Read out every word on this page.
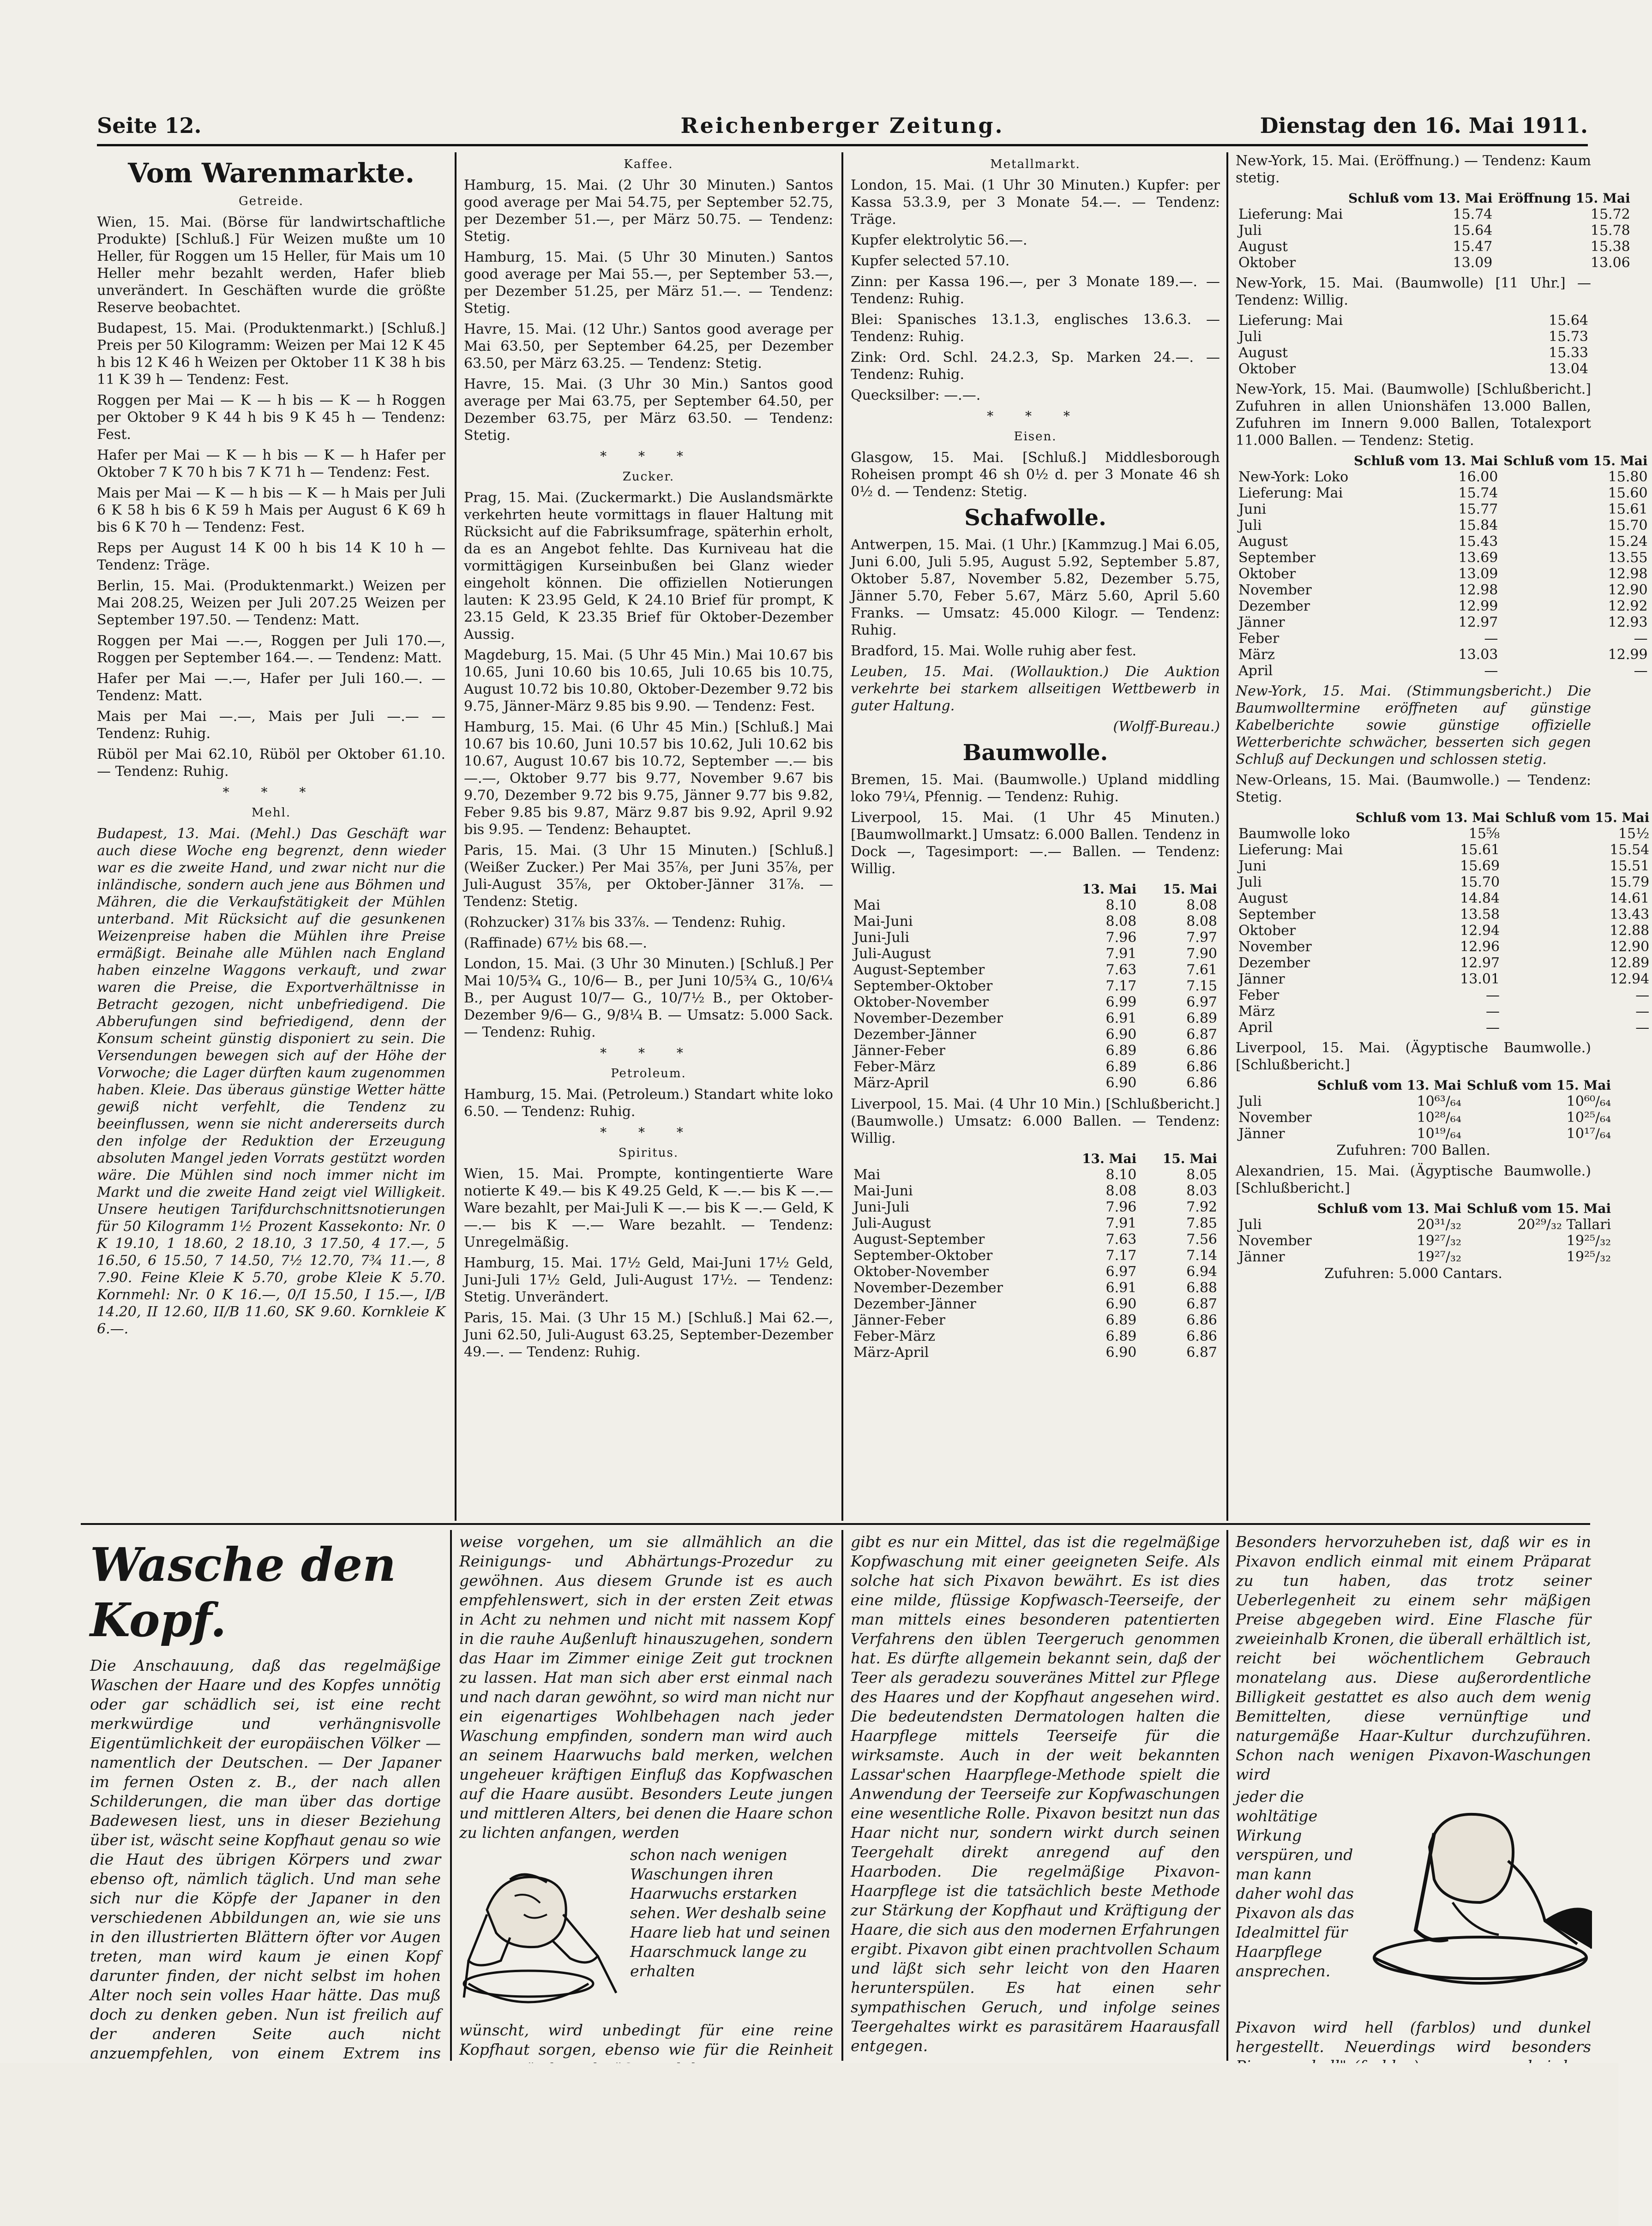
Seite 12.	Reichenberger Zeitung.	Dienstag den 16. Mai 1911.
Vom Warenmarkte.
Getreide.

Wien, 15. Mai. (Börse für landwirtschaftliche Produkte) [Schluß.] Für Weizen mußte um 10 Heller, für Roggen um 15 Heller, für Mais um 10 Heller mehr bezahlt werden, Hafer blieb unverändert. In Geschäften wurde die größte Reserve beobachtet.

Budapest, 15. Mai. (Produktenmarkt.) [Schluß.] Preis per 50 Kilogramm: Weizen per Mai 12 K 45 h bis 12 K 46 h Weizen per Oktober 11 K 38 h bis 11 K 39 h — Tendenz: Fest.

Roggen per Mai — K — h bis — K — h Roggen per Oktober 9 K 44 h bis 9 K 45 h — Tendenz: Fest.

Hafer per Mai — K — h bis — K — h Hafer per Oktober 7 K 70 h bis 7 K 71 h — Tendenz: Fest.

Mais per Mai — K — h bis — K — h Mais per Juli 6 K 58 h bis 6 K 59 h Mais per August 6 K 69 h bis 6 K 70 h — Tendenz: Fest.

Reps per August 14 K 00 h bis 14 K 10 h — Tendenz: Träge.

Berlin, 15. Mai. (Produktenmarkt.) Weizen per Mai 208.25, Weizen per Juli 207.25 Weizen per September 197.50. — Tendenz: Matt.

Roggen per Mai —.—, Roggen per Juli 170.—, Roggen per September 164.—. — Tendenz: Matt.

Hafer per Mai —.—, Hafer per Juli 160.—. — Tendenz: Matt.

Mais per Mai —.—, Mais per Juli —.— — Tendenz: Ruhig.

Rüböl per Mai 62.10, Rüböl per Oktober 61.10. — Tendenz: Ruhig.

* * *
Mehl.

Budapest, 13. Mai. (Mehl.) Das Geschäft war auch diese Woche eng begrenzt, denn wieder war es die zweite Hand, und zwar nicht nur die inländische, sondern auch jene aus Böhmen und Mähren, die die Verkaufstätigkeit der Mühlen unterband. Mit Rücksicht auf die gesunkenen Weizenpreise haben die Mühlen ihre Preise ermäßigt. Beinahe alle Mühlen nach England haben einzelne Waggons verkauft, und zwar waren die Preise, die Exportverhältnisse in Betracht gezogen, nicht unbefriedigend. Die Abberufungen sind befriedigend, denn der Konsum scheint günstig disponiert zu sein. Die Versendungen bewegen sich auf der Höhe der Vorwoche; die Lager dürften kaum zugenommen haben. Kleie. Das überaus günstige Wetter hätte gewiß nicht verfehlt, die Tendenz zu beeinflussen, wenn sie nicht andererseits durch den infolge der Reduktion der Erzeugung absoluten Mangel jeden Vorrats gestützt worden wäre. Die Mühlen sind noch immer nicht im Markt und die zweite Hand zeigt viel Willigkeit. Unsere heutigen Tarifdurchschnittsnotierungen für 50 Kilogramm 1½ Prozent Kassekonto: Nr. 0 K 19.10, 1 18.60, 2 18.10, 3 17.50, 4 17.—, 5 16.50, 6 15.50, 7 14.50, 7½ 12.70, 7¾ 11.—, 8 7.90. Feine Kleie K 5.70, grobe Kleie K 5.70. Kornmehl: Nr. 0 K 16.—, 0/I 15.50, I 15.—, I/B 14.20, II 12.60, II/B 11.60, SK 9.60. Kornkleie K 6.—.

Kaffee.

Hamburg, 15. Mai. (2 Uhr 30 Minuten.) Santos good average per Mai 54.75, per September 52.75, per Dezember 51.—, per März 50.75. — Tendenz: Stetig.

Hamburg, 15. Mai. (5 Uhr 30 Minuten.) Santos good average per Mai 55.—, per September 53.—, per Dezember 51.25, per März 51.—. — Tendenz: Stetig.

Havre, 15. Mai. (12 Uhr.) Santos good average per Mai 63.50, per September 64.25, per Dezember 63.50, per März 63.25. — Tendenz: Stetig.

Havre, 15. Mai. (3 Uhr 30 Min.) Santos good average per Mai 63.75, per September 64.50, per Dezember 63.75, per März 63.50. — Tendenz: Stetig.

* * *
Zucker.

Prag, 15. Mai. (Zuckermarkt.) Die Auslandsmärkte verkehrten heute vormittags in flauer Haltung mit Rücksicht auf die Fabriksumfrage, späterhin erholt, da es an Angebot fehlte. Das Kurniveau hat die vormittägigen Kurseinbußen bei Glanz wieder eingeholt können. Die offiziellen Notierungen lauten: K 23.95 Geld, K 24.10 Brief für prompt, K 23.15 Geld, K 23.35 Brief für Oktober-Dezember Aussig.

Magdeburg, 15. Mai. (5 Uhr 45 Min.) Mai 10.67 bis 10.65, Juni 10.60 bis 10.65, Juli 10.65 bis 10.75, August 10.72 bis 10.80, Oktober-Dezember 9.72 bis 9.75, Jänner-März 9.85 bis 9.90. — Tendenz: Fest.

Hamburg, 15. Mai. (6 Uhr 45 Min.) [Schluß.] Mai 10.67 bis 10.60, Juni 10.57 bis 10.62, Juli 10.62 bis 10.67, August 10.67 bis 10.72, September —.— bis —.—, Oktober 9.77 bis 9.77, November 9.67 bis 9.70, Dezember 9.72 bis 9.75, Jänner 9.77 bis 9.82, Feber 9.85 bis 9.87, März 9.87 bis 9.92, April 9.92 bis 9.95. — Tendenz: Behauptet.

Paris, 15. Mai. (3 Uhr 15 Minuten.) [Schluß.] (Weißer Zucker.) Per Mai 35⅞, per Juni 35⅞, per Juli-August 35⅞, per Oktober-Jänner 31⅞. — Tendenz: Stetig.

(Rohzucker) 31⅞ bis 33⅞. — Tendenz: Ruhig.

(Raffinade) 67½ bis 68.—.

London, 15. Mai. (3 Uhr 30 Minuten.) [Schluß.] Per Mai 10/5¾ G., 10/6— B., per Juni 10/5¾ G., 10/6¼ B., per August 10/7— G., 10/7½ B., per Oktober-Dezember 9/6— G., 9/8¼ B. — Umsatz: 5.000 Sack. — Tendenz: Ruhig.

* * *
Petroleum.

Hamburg, 15. Mai. (Petroleum.) Standart white loko 6.50. — Tendenz: Ruhig.

* * *
Spiritus.

Wien, 15. Mai. Prompte, kontingentierte Ware notierte K 49.— bis K 49.25 Geld, K —.— bis K —.— Ware bezahlt, per Mai-Juli K —.— bis K —.— Geld, K —.— bis K —.— Ware bezahlt. — Tendenz: Unregelmäßig.

Hamburg, 15. Mai. 17½ Geld, Mai-Juni 17½ Geld, Juni-Juli 17½ Geld, Juli-August 17½. — Tendenz: Stetig. Unverändert.

Paris, 15. Mai. (3 Uhr 15 M.) [Schluß.] Mai 62.—, Juni 62.50, Juli-August 63.25, September-Dezember 49.—. — Tendenz: Ruhig.

Metallmarkt.

London, 15. Mai. (1 Uhr 30 Minuten.) Kupfer: per Kassa 53.3.9, per 3 Monate 54.—. — Tendenz: Träge.

Kupfer elektrolytic 56.—.

Kupfer selected 57.10.

Zinn: per Kassa 196.—, per 3 Monate 189.—. — Tendenz: Ruhig.

Blei: Spanisches 13.1.3, englisches 13.6.3. — Tendenz: Ruhig.

Zink: Ord. Schl. 24.2.3, Sp. Marken 24.—. — Tendenz: Ruhig.

Quecksilber: —.—.

* * *
Eisen.

Glasgow, 15. Mai. [Schluß.] Middlesborough Roheisen prompt 46 sh 0½ d. per 3 Monate 46 sh 0½ d. — Tendenz: Stetig.

Schafwolle.

Antwerpen, 15. Mai. (1 Uhr.) [Kammzug.] Mai 6.05, Juni 6.00, Juli 5.95, August 5.92, September 5.87, Oktober 5.87, November 5.82, Dezember 5.75, Jänner 5.70, Feber 5.67, März 5.60, April 5.60 Franks. — Umsatz: 45.000 Kilogr. — Tendenz: Ruhig.

Bradford, 15. Mai. Wolle ruhig aber fest.

Leuben, 15. Mai. (Wollauktion.) Die Auktion verkehrte bei starkem allseitigen Wettbewerb in guter Haltung.

(Wolff-Bureau.)

Baumwolle.

Bremen, 15. Mai. (Baumwolle.) Upland middling loko 79¼, Pfennig. — Tendenz: Ruhig.

Liverpool, 15. Mai. (1 Uhr 45 Minuten.) [Baumwollmarkt.] Umsatz: 6.000 Ballen. Tendenz in Dock —, Tagesimport: —.— Ballen. — Tendenz: Willig.

	13. Mai	15. Mai
Mai	8.10	8.08
Mai-Juni	8.08	8.08
Juni-Juli	7.96	7.97
Juli-August	7.91	7.90
August-September	7.63	7.61
September-Oktober	7.17	7.15
Oktober-November	6.99	6.97
November-Dezember	6.91	6.89
Dezember-Jänner	6.90	6.87
Jänner-Feber	6.89	6.86
Feber-März	6.89	6.86
März-April	6.90	6.86

Liverpool, 15. Mai. (4 Uhr 10 Min.) [Schlußbericht.] (Baumwolle.) Umsatz: 6.000 Ballen. — Tendenz: Willig.

	13. Mai	15. Mai
Mai	8.10	8.05
Mai-Juni	8.08	8.03
Juni-Juli	7.96	7.92
Juli-August	7.91	7.85
August-September	7.63	7.56
September-Oktober	7.17	7.14
Oktober-November	6.97	6.94
November-Dezember	6.91	6.88
Dezember-Jänner	6.90	6.87
Jänner-Feber	6.89	6.86
Feber-März	6.89	6.86
März-April	6.90	6.87

New-York, 15. Mai. (Eröffnung.) — Tendenz: Kaum stetig.

	Schluß vom 13. Mai	Eröffnung 15. Mai
Lieferung: Mai	15.74	15.72
Juli	15.64	15.78
August	15.47	15.38
Oktober	13.09	13.06

New-York, 15. Mai. (Baumwolle) [11 Uhr.] — Tendenz: Willig.

Lieferung: Mai		15.64
Juli		15.73
August		15.33
Oktober		13.04

New-York, 15. Mai. (Baumwolle) [Schlußbericht.] Zufuhren in allen Unionshäfen 13.000 Ballen, Zufuhren im Innern 9.000 Ballen, Totalexport 11.000 Ballen. — Tendenz: Stetig.

	Schluß vom 13. Mai	Schluß vom 15. Mai
New-York: Loko	16.00	15.80
Lieferung: Mai	15.74	15.60
Juni	15.77	15.61
Juli	15.84	15.70
August	15.43	15.24
September	13.69	13.55
Oktober	13.09	12.98
November	12.98	12.90
Dezember	12.99	12.92
Jänner	12.97	12.93
Feber	—	—
März	13.03	12.99
April	—	—

New-York, 15. Mai. (Stimmungsbericht.) Die Baumwolltermine eröffneten auf günstige Kabelberichte sowie günstige offizielle Wetterberichte schwächer, besserten sich gegen Schluß auf Deckungen und schlossen stetig.

New-Orleans, 15. Mai. (Baumwolle.) — Tendenz: Stetig.

	Schluß vom 13. Mai	Schluß vom 15. Mai
Baumwolle loko	15⅝	15½
Lieferung: Mai	15.61	15.54
Juni	15.69	15.51
Juli	15.70	15.79
August	14.84	14.61
September	13.58	13.43
Oktober	12.94	12.88
November	12.96	12.90
Dezember	12.97	12.89
Jänner	13.01	12.94
Feber	—	—
März	—	—
April	—	—

Liverpool, 15. Mai. (Ägyptische Baumwolle.) [Schlußbericht.]

	Schluß vom 13. Mai	Schluß vom 15. Mai
Juli	10⁶³/₆₄	10⁶⁰/₆₄
November	10²⁸/₆₄	10²⁵/₆₄
Jänner	10¹⁹/₆₄	10¹⁷/₆₄

Zufuhren: 700 Ballen.

Alexandrien, 15. Mai. (Ägyptische Baumwolle.) [Schlußbericht.]

	Schluß vom 13. Mai	Schluß vom 15. Mai
Juli	20³¹/₃₂	20²⁹/₃₂ Tallari
November	19²⁷/₃₂	19²⁵/₃₂
Jänner	19²⁷/₃₂	19²⁵/₃₂

Zufuhren: 5.000 Cantars.

Wasche den Kopf.

Die Anschauung, daß das regelmäßige Waschen der Haare und des Kopfes unnötig oder gar schädlich sei, ist eine recht merkwürdige und verhängnisvolle Eigentümlichkeit der europäischen Völker — namentlich der Deutschen. — Der Japaner im fernen Osten z. B., der nach allen Schilderungen, die man über das dortige Badewesen liest, uns in dieser Beziehung über ist, wäscht seine Kopfhaut genau so wie die Haut des übrigen Körpers und zwar ebenso oft, nämlich täglich. Und man sehe sich nur die Köpfe der Japaner in den verschiedenen Abbildungen an, wie sie uns in den illustrierten Blättern öfter vor Augen treten, man wird kaum je einen Kopf darunter finden, der nicht selbst im hohen Alter noch sein volles Haar hätte. Das muß doch zu denken geben. Nun ist freilich auf der anderen Seite auch nicht anzuempfehlen, von einem Extrem ins

weise vorgehen, um sie allmählich an die Reinigungs- und Abhärtungs-Prozedur zu gewöhnen. Aus diesem Grunde ist es auch empfehlenswert, sich in der ersten Zeit etwas in Acht zu nehmen und nicht mit nassem Kopf in die rauhe Außenluft hinauszugehen, sondern das Haar im Zimmer einige Zeit gut trocknen zu lassen. Hat man sich aber erst einmal nach und nach daran gewöhnt, so wird man nicht nur ein eigenartiges Wohlbehagen nach jeder Waschung empfinden, sondern man wird auch an seinem Haarwuchs bald merken, welchen ungeheuer kräftigen Einfluß das Kopfwaschen auf die Haare ausübt. Besonders Leute jungen und mittleren Alters, bei denen die Haare schon zu lichten anfangen, werden

schon nach wenigen Waschungen ihren Haarwuchs erstarken sehen. Wer deshalb seine Haare lieb hat und seinen Haarschmuck lange zu erhalten

wünscht, wird unbedingt für eine reine Kopfhaut sorgen, ebenso wie für die Reinheit

gibt es nur ein Mittel, das ist die regelmäßige Kopfwaschung mit einer geeigneten Seife. Als solche hat sich Pixavon bewährt. Es ist dies eine milde, flüssige Kopfwasch-Teerseife, der man mittels eines besonderen patentierten Verfahrens den üblen Teergeruch genommen hat. Es dürfte allgemein bekannt sein, daß der Teer als geradezu souveränes Mittel zur Pflege des Haares und der Kopfhaut angesehen wird. Die bedeutendsten Dermatologen halten die Haarpflege mittels Teerseife für die wirksamste. Auch in der weit bekannten Lassar'schen Haarpflege-Methode spielt die Anwendung der Teerseife zur Kopfwaschungen eine wesentliche Rolle. Pixavon besitzt nun das Haar nicht nur, sondern wirkt durch seinen Teergehalt direkt anregend auf den Haarboden. Die regelmäßige Pixavon-Haarpflege ist die tatsächlich beste Methode zur Stärkung der Kopfhaut und Kräftigung der Haare, die sich aus den modernen Erfahrungen ergibt. Pixavon gibt einen prachtvollen Schaum und läßt sich sehr leicht von den Haaren herunterspülen. Es hat einen sehr sympathischen Geruch, und infolge seines Teergehaltes wirkt es parasitärem Haarausfall entgegen.

Besonders hervorzuheben ist, daß wir es in Pixavon endlich einmal mit einem Präparat zu tun haben, das trotz seiner Ueberlegenheit zu einem sehr mäßigen Preise abgegeben wird. Eine Flasche für zweieinhalb Kronen, die überall erhältlich ist, reicht bei wöchentlichem Gebrauch monatelang aus. Diese außerordentliche Billigkeit gestattet es also auch dem wenig Bemittelten, diese vernünftige und naturgemäße Haar-Kultur durchzuführen. Schon nach wenigen Pixavon-Waschungen wird

jeder die wohltätige Wirkung verspüren, und man kann daher wohl das Pixavon als das Idealmittel für Haarpflege ansprechen.

Pixavon wird hell (farblos) und dunkel hergestellt. Neuerdings wird besonders
